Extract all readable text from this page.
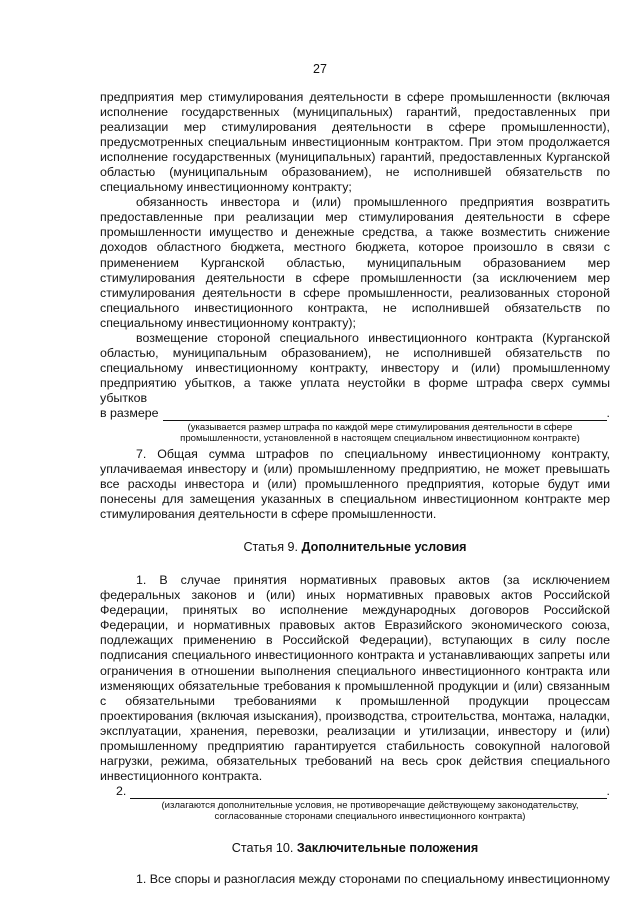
27

предприятия мер стимулирования деятельности в сфере промышленности (включая исполнение государственных (муниципальных) гарантий, предоставленных при реализации мер стимулирования деятельности в сфере промышленности), предусмотренных специальным инвестиционным контрактом. При этом продолжается исполнение государственных (муниципальных) гарантий, предоставленных Курганской областью (муниципальным образованием), не исполнившей обязательств по специальному инвестиционному контракту;

обязанность инвестора и (или) промышленного предприятия возвратить предоставленные при реализации мер стимулирования деятельности в сфере промышленности имущество и денежные средства, а также возместить снижение доходов областного бюджета, местного бюджета, которое произошло в связи с применением Курганской областью, муниципальным образованием мер стимулирования деятельности в сфере промышленности (за исключением мер стимулирования деятельности в сфере промышленности, реализованных стороной специального инвестиционного контракта, не исполнившей обязательств по специальному инвестиционному контракту);

возмещение стороной специального инвестиционного контракта (Курганской областью, муниципальным образованием), не исполнившей обязательств по специальному инвестиционному контракту, инвестору и (или) промышленному предприятию убытков, а также уплата неустойки в форме штрафа сверх суммы убытков

в размере	.
(указывается размер штрафа по каждой мере стимулирования деятельности в сфере промышленности, установленной в настоящем специальном инвестиционном контракте)

7. Общая сумма штрафов по специальному инвестиционному контракту, уплачиваемая инвестору и (или) промышленному предприятию, не может превышать все расходы инвестора и (или) промышленного предприятия, которые будут ими понесены для замещения указанных в специальном инвестиционном контракте мер стимулирования деятельности в сфере промышленности.

Статья 9. Дополнительные условия

1. В случае принятия нормативных правовых актов (за исключением федеральных законов и (или) иных нормативных правовых актов Российской Федерации, принятых во исполнение международных договоров Российской Федерации, и нормативных правовых актов Евразийского экономического союза, подлежащих применению в Российской Федерации), вступающих в силу после подписания специального инвестиционного контракта и устанавливающих запреты или ограничения в отношении выполнения специального инвестиционного контракта или изменяющих обязательные требования к промышленной продукции и (или) связанным с обязательными требованиями к промышленной продукции процессам проектирования (включая изыскания), производства, строительства, монтажа, наладки, эксплуатации, хранения, перевозки, реализации и утилизации, инвестору и (или) промышленному предприятию гарантируется стабильность совокупной налоговой нагрузки, режима, обязательных требований на весь срок действия специального инвестиционного контракта.

2.	.
(излагаются дополнительные условия, не противоречащие действующему законодательству, согласованные сторонами специального инвестиционного контракта)

Статья 10. Заключительные положения

1. Все споры и разногласия между сторонами по специальному инвестиционному
